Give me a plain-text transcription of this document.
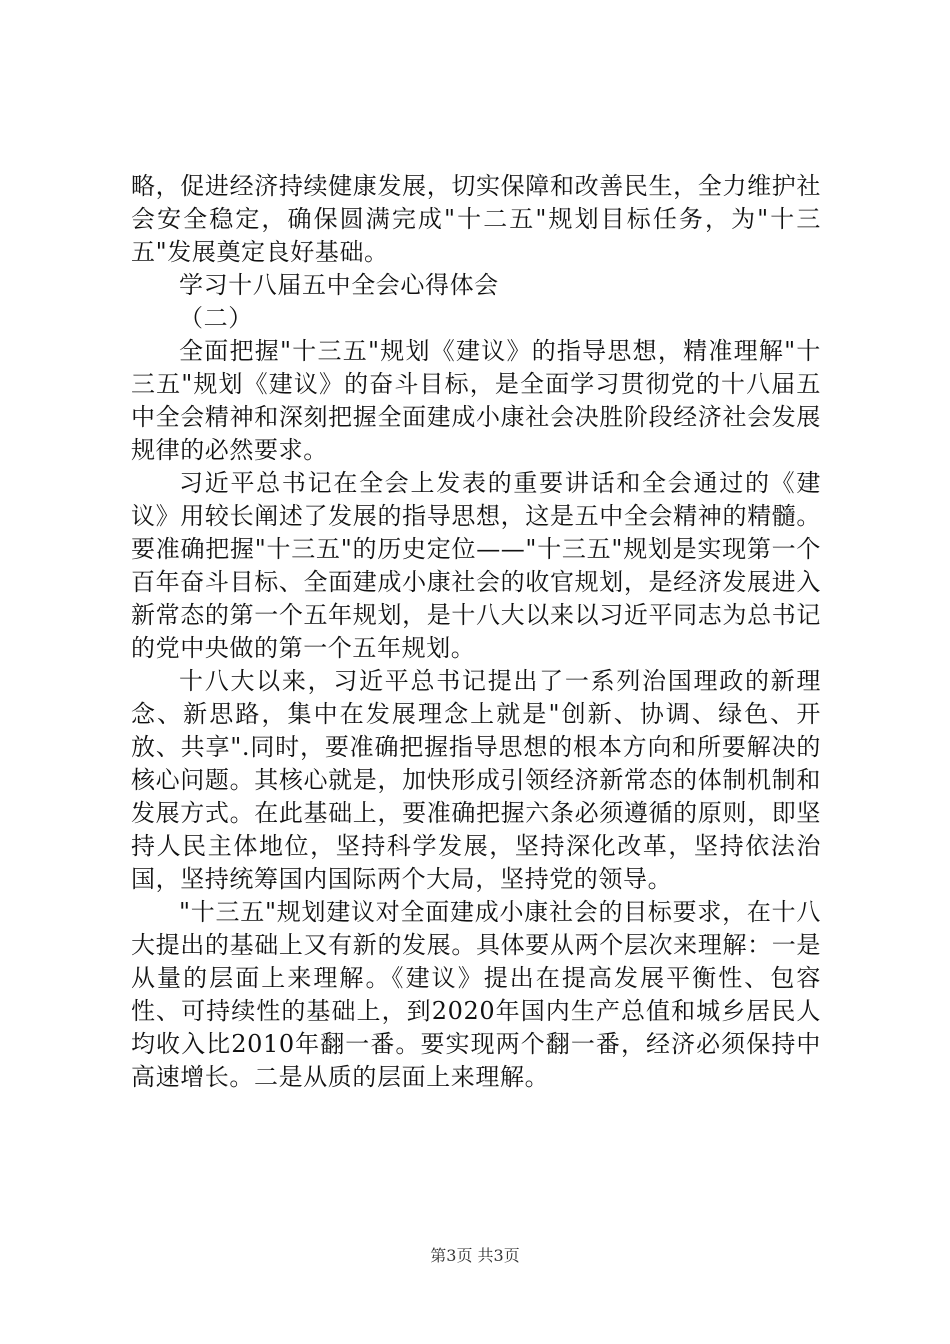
略，促进经济持续健康发展，切实保障和改善民生，全力维护社会安全稳定，确保圆满完成"十二五"规划目标任务，为"十三五"发展奠定良好基础。

学习十八届五中全会心得体会

（二）

全面把握"十三五"规划《建议》的指导思想，精准理解"十三五"规划《建议》的奋斗目标，是全面学习贯彻党的十八届五中全会精神和深刻把握全面建成小康社会决胜阶段经济社会发展规律的必然要求。

习近平总书记在全会上发表的重要讲话和全会通过的《建议》用较长阐述了发展的指导思想，这是五中全会精神的精髓。要准确把握"十三五"的历史定位——"十三五"规划是实现第一个百年奋斗目标、全面建成小康社会的收官规划，是经济发展进入新常态的第一个五年规划，是十八大以来以习近平同志为总书记的党中央做的第一个五年规划。

十八大以来，习近平总书记提出了一系列治国理政的新理念、新思路，集中在发展理念上就是"创新、协调、绿色、开放、共享".同时，要准确把握指导思想的根本方向和所要解决的核心问题。其核心就是，加快形成引领经济新常态的体制机制和发展方式。在此基础上，要准确把握六条必须遵循的原则，即坚持人民主体地位，坚持科学发展，坚持深化改革，坚持依法治国，坚持统筹国内国际两个大局，坚持党的领导。

"十三五"规划建议对全面建成小康社会的目标要求，在十八大提出的基础上又有新的发展。具体要从两个层次来理解：一是从量的层面上来理解。《建议》提出在提高发展平衡性、包容性、可持续性的基础上，到2020年国内生产总值和城乡居民人均收入比2010年翻一番。要实现两个翻一番，经济必须保持中高速增长。二是从质的层面上来理解。

第3页 共3页
